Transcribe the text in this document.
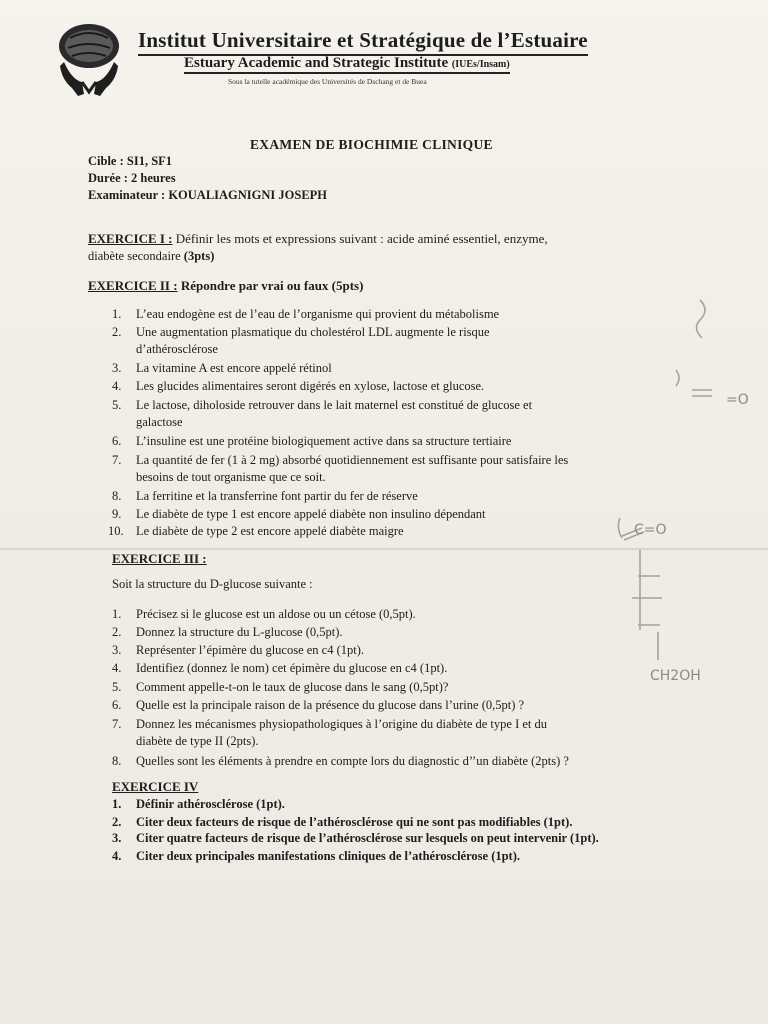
Institut Universitaire et Stratégique de l’Estuaire
Estuary Academic and Strategic Institute (IUEs/Insam)
Sous la tutelle académique des Universités de Dschang et de Buea
EXAMEN DE BIOCHIMIE CLINIQUE
Cible : SI1, SF1
Durée : 2 heures
Examinateur : KOUALIAGNIGNI JOSEPH
EXERCICE I : Définir les mots et expressions suivant : acide aminé essentiel, enzyme,
diabète secondaire (3pts)
EXERCICE II : Répondre par vrai ou faux (5pts)
1. L’eau endogène est de l’eau de l’organisme qui provient du métabolisme
2. Une augmentation plasmatique du cholestérol LDL augmente le risque
d’athérosclérose
3. La vitamine A est encore appelé rétinol
4. Les glucides alimentaires seront digérés en xylose, lactose et glucose.
5. Le lactose, diholoside retrouver dans le lait maternel est constitué de glucose et
galactose
6. L’insuline est une protéine biologiquement active dans sa structure tertiaire
7. La quantité de fer (1 à 2 mg) absorbé quotidiennement est suffisante pour satisfaire les
besoins de tout organisme que ce soit.
8. La ferritine et la transferrine font partir du fer de réserve
9. Le diabète de type 1 est encore appelé diabète non insulino dépendant
10. Le diabète de type 2 est encore appelé diabète maigre
EXERCICE III :
Soit la structure du D-glucose suivante :
1. Précisez si le glucose est un aldose ou un cétose (0,5pt).
2. Donnez la structure du L-glucose (0,5pt).
3. Représenter l’épimère du glucose en c4 (1pt).
4. Identifiez (donnez le nom) cet épimère du glucose en c4 (1pt).
5. Comment appelle-t-on le taux de glucose dans le sang (0,5pt)?
6. Quelle est la principale raison de la présence du glucose dans l’urine (0,5pt) ?
7. Donnez les mécanismes physiopathologiques à l’origine du diabète de type I et du
diabète de type II (2pts).
8. Quelles sont les éléments à prendre en compte lors du diagnostic d’’un diabète (2pts) ?
EXERCICE IV
1. Définir athérosclérose (1pt).
2. Citer deux facteurs de risque de l’athérosclérose qui ne sont pas modifiables (1pt).
3. Citer quatre facteurs de risque de l’athérosclérose sur lesquels on peut intervenir (1pt).
4. Citer deux principales manifestations cliniques de l’athérosclérose (1pt).
=O
C=O
CH2OH
